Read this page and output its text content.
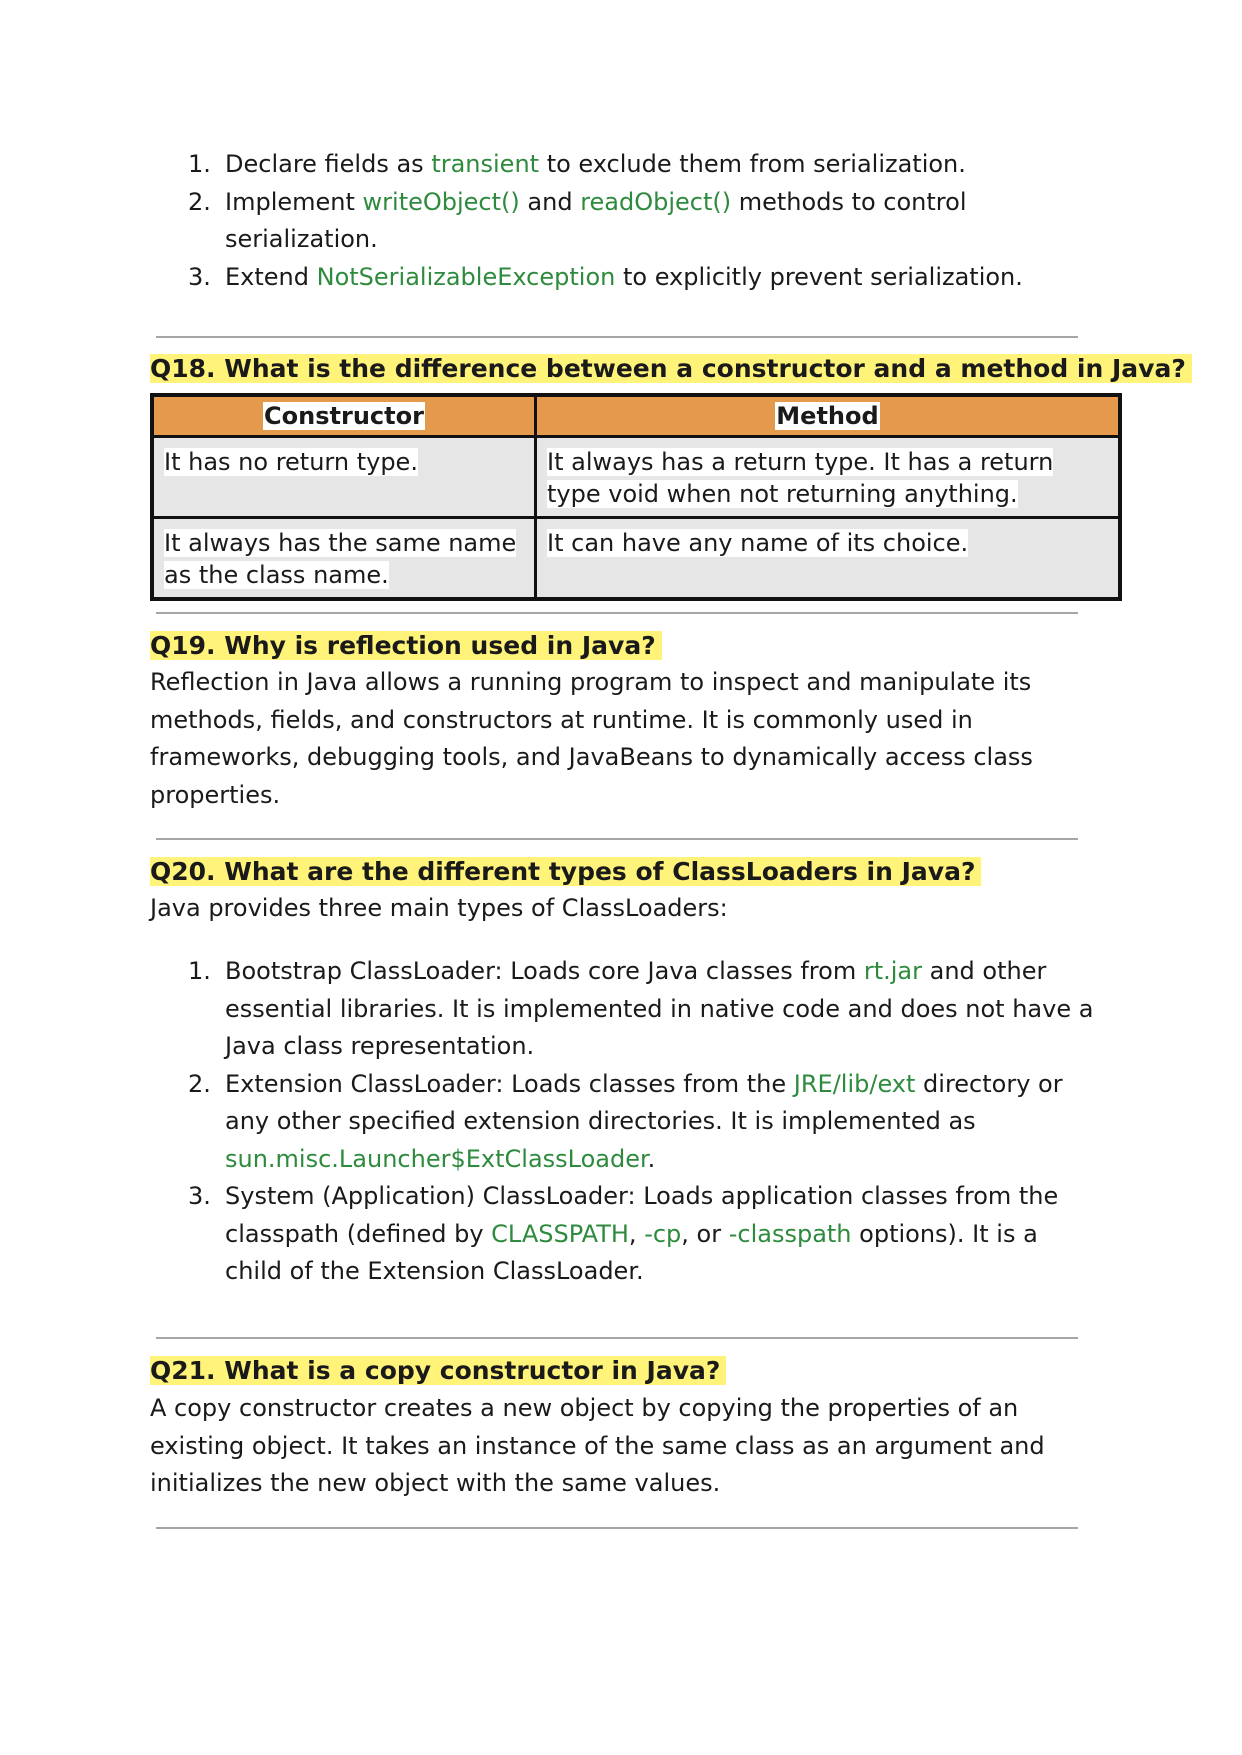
1. Declare fields as transient to exclude them from serialization.
2. Implement writeObject() and readObject() methods to control serialization.
3. Extend NotSerializableException to explicitly prevent serialization.
Q18. What is the difference between a constructor and a method in Java?
Constructor	Method
It has no return type.	It always has a return type. It has a return type void when not returning anything.
It always has the same name as the class name.	It can have any name of its choice.
Q19. Why is reflection used in Java?

Reflection in Java allows a running program to inspect and manipulate its methods, fields, and constructors at runtime. It is commonly used in frameworks, debugging tools, and JavaBeans to dynamically access class properties.

Q20. What are the different types of ClassLoaders in Java?

Java provides three main types of ClassLoaders:

1. Bootstrap ClassLoader: Loads core Java classes from rt.jar and other essential libraries. It is implemented in native code and does not have a Java class representation.
2. Extension ClassLoader: Loads classes from the JRE/lib/ext directory or any other specified extension directories. It is implemented as sun.misc.Launcher$ExtClassLoader.
3. System (Application) ClassLoader: Loads application classes from the classpath (defined by CLASSPATH, -cp, or -classpath options). It is a child of the Extension ClassLoader.
Q21. What is a copy constructor in Java?

A copy constructor creates a new object by copying the properties of an existing object. It takes an instance of the same class as an argument and initializes the new object with the same values.
